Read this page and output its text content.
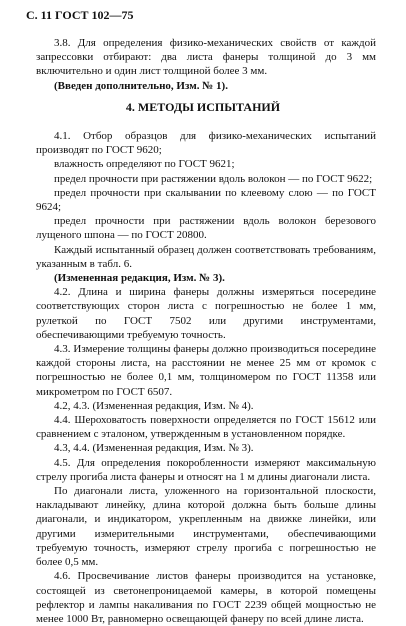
С. 11 ГОСТ 102—75

3.8. Для определения физико-механических свойств от каждой запрессовки отбирают: два листа фанеры толщиной до 3 мм включительно и один лист толщиной более 3 мм.

(Введен дополнительно, Изм. № 1).

4. МЕТОДЫ ИСПЫТАНИЙ

4.1. Отбор образцов для физико-механических испытаний производят по ГОСТ 9620;

влажность определяют по ГОСТ 9621;

предел прочности при растяжении вдоль волокон — по ГОСТ 9622;

предел прочности при скалывании по клеевому слою — по ГОСТ 9624;

предел прочности при растяжении вдоль волокон березового лущеного шпона — по ГОСТ 20800.

Каждый испытанный образец должен соответствовать требованиям, указанным в табл. 6.

(Измененная редакция, Изм. № 3).

4.2. Длина и ширина фанеры должны измеряться посередине соответствующих сторон листа с погрешностью не более 1 мм, рулеткой по ГОСТ 7502 или другими инструментами, обеспечивающими требуемую точность.

4.3. Измерение толщины фанеры должно производиться посередине каждой стороны листа, на расстоянии не менее 25 мм от кромок с погрешностью не более 0,1 мм, толщиномером по ГОСТ 11358 или микрометром по ГОСТ 6507.

4.2, 4.3. (Измененная редакция, Изм. № 4).

4.4. Шероховатость поверхности определяется по ГОСТ 15612 или сравнением с эталоном, утвержденным в установленном порядке.

4.3, 4.4. (Измененная редакция, Изм. № 3).

4.5. Для определения покоробленности измеряют максимальную стрелу прогиба листа фанеры и относят на 1 м длины диагонали листа.

По диагонали листа, уложенного на горизонтальной плоскости, накладывают линейку, длина которой должна быть больше длины диагонали, и индикатором, укрепленным на движке линейки, или другими измерительными инструментами, обеспечивающими требуемую точность, измеряют стрелу прогиба с погрешностью не более 0,5 мм.

4.6. Просвечивание листов фанеры производится на установке, состоящей из светонепроницаемой камеры, в которой помещены рефлектор и лампы накаливания по ГОСТ 2239 общей мощностью не менее 1000 Вт, равномерно освещающей фанеру по всей длине листа.
